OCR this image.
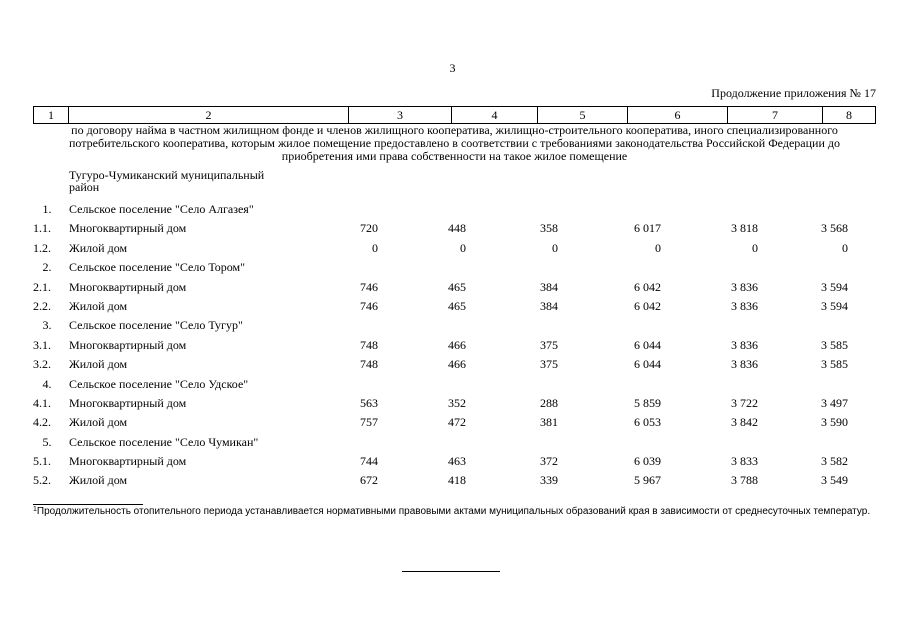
3
Продолжение приложения № 17
1	2	3	4	5	6	7	8
по договору найма в частном жилищном фонде и членов жилищного кооператива, жилищно-строительного кооператива, иного специализированного потребительского кооператива, которым жилое помещение предоставлено в соответствии с требованиями законодательства Российской Федерации до приобретения ими права собственности на такое жилое помещение
Тугуро-Чумиканский муниципальный
район
1.	Сельское поселение "Село Алгазея"
1.1.	Многоквартирный дом	720	448	358	6 017	3 818	3 568
1.2.	Жилой дом	0	0	0	0	0	0
2.	Сельское поселение "Село Тором"
2.1.	Многоквартирный дом	746	465	384	6 042	3 836	3 594
2.2.	Жилой дом	746	465	384	6 042	3 836	3 594
3.	Сельское поселение "Село Тугур"
3.1.	Многоквартирный дом	748	466	375	6 044	3 836	3 585
3.2.	Жилой дом	748	466	375	6 044	3 836	3 585
4.	Сельское поселение "Село Удское"
4.1.	Многоквартирный дом	563	352	288	5 859	3 722	3 497
4.2.	Жилой дом	757	472	381	6 053	3 842	3 590
5.	Сельское поселение "Село Чумикан"
5.1.	Многоквартирный дом	744	463	372	6 039	3 833	3 582
5.2.	Жилой дом	672	418	339	5 967	3 788	3 549
$^1$Продолжительность отопительного периода устанавливается нормативными правовыми актами муниципальных образований края в зависимости от среднесуточных температур.
